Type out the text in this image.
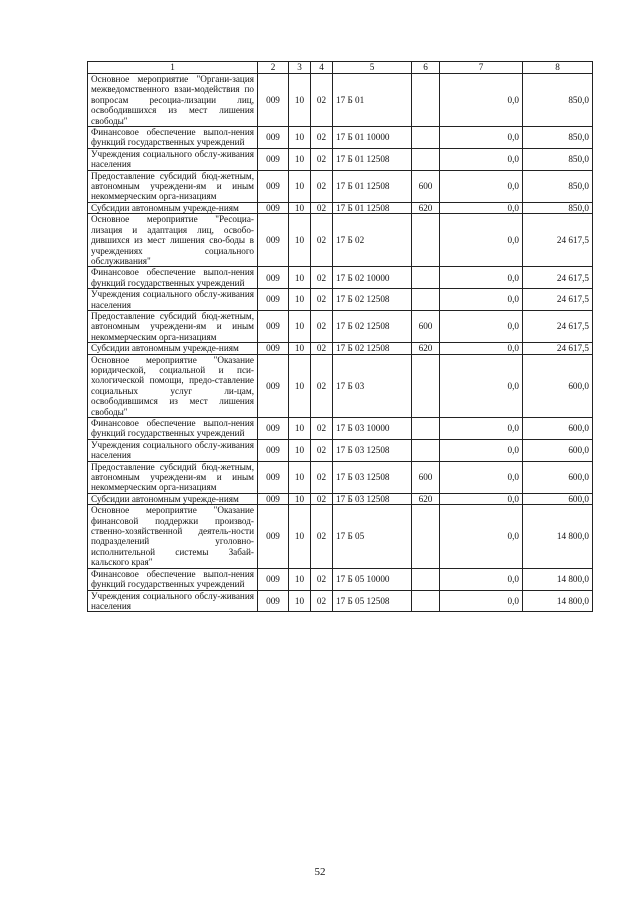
1	2	3	4	5	6	7	8
Основное мероприятие "Органи-зация межведомственного взаи-модействия по вопросам ресоциа-лизации лиц, освободившихся из мест лишения свободы"	009	10	02	17 Б 01		0,0	850,0
Финансовое обеспечение выпол-нения функций государственных учреждений	009	10	02	17 Б 01 10000		0,0	850,0
Учреждения социального обслу-живания населения	009	10	02	17 Б 01 12508		0,0	850,0
Предоставление субсидий бюд-жетным, автономным учреждени-ям и иным некоммерческим орга-низациям	009	10	02	17 Б 01 12508	600	0,0	850,0
Субсидии автономным учрежде-ниям	009	10	02	17 Б 01 12508	620	0,0	850,0
Основное мероприятие "Ресоциа-лизация и адаптация лиц, освобо-дившихся из мест лишения сво-боды в учреждениях социального обслуживания"	009	10	02	17 Б 02		0,0	24 617,5
Финансовое обеспечение выпол-нения функций государственных учреждений	009	10	02	17 Б 02 10000		0,0	24 617,5
Учреждения социального обслу-живания населения	009	10	02	17 Б 02 12508		0,0	24 617,5
Предоставление субсидий бюд-жетным, автономным учреждени-ям и иным некоммерческим орга-низациям	009	10	02	17 Б 02 12508	600	0,0	24 617,5
Субсидии автономным учрежде-ниям	009	10	02	17 Б 02 12508	620	0,0	24 617,5
Основное мероприятие "Оказание юридической, социальной и пси-хологической помощи, предо-ставление социальных услуг ли-цам, освободившимся из мест лишения свободы"	009	10	02	17 Б 03		0,0	600,0
Финансовое обеспечение выпол-нения функций государственных учреждений	009	10	02	17 Б 03 10000		0,0	600,0
Учреждения социального обслу-живания населения	009	10	02	17 Б 03 12508		0,0	600,0
Предоставление субсидий бюд-жетным, автономным учреждени-ям и иным некоммерческим орга-низациям	009	10	02	17 Б 03 12508	600	0,0	600,0
Субсидии автономным учрежде-ниям	009	10	02	17 Б 03 12508	620	0,0	600,0
Основное мероприятие "Оказание финансовой поддержки производ-ственно-хозяйственной деятель-ности подразделений уголовно-исполнительной системы Забай-кальского края"	009	10	02	17 Б 05		0,0	14 800,0
Финансовое обеспечение выпол-нения функций государственных учреждений	009	10	02	17 Б 05 10000		0,0	14 800,0
Учреждения социального обслу-живания населения	009	10	02	17 Б 05 12508		0,0	14 800,0
52
